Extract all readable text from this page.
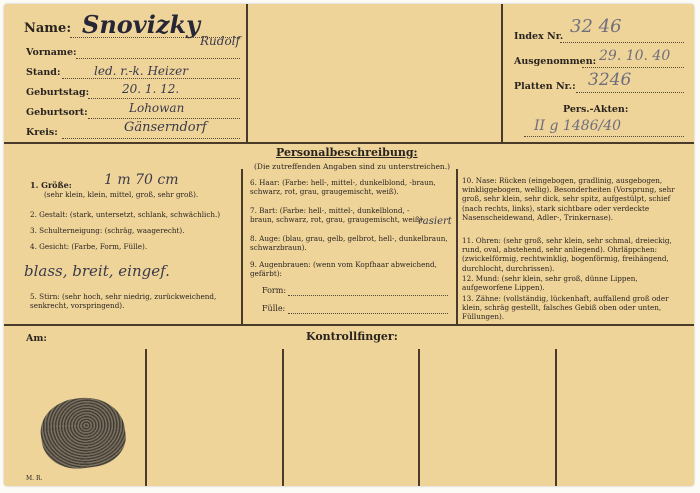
Name: Snovizky
Vorname:
Rudolf
Stand:	led. r.-k. Heizer
Geburtstag:	20. 1. 12.
Geburtsort:	Lohowan
Kreis:	Gänserndorf
Index Nr. 32 46
Ausgenommen: 29. 10. 40
Platten Nr.: 3246
Pers.-Akten:
II g 1486/40
Personalbeschreibung:
(Die zutreffenden Angaben sind zu unterstreichen.)
1. Größe: 1 m 70 cm
(sehr klein, klein, mittel, groß, sehr groß).
2. Gestalt: (stark, untersetzt, schlank, schwächlich.)
3. Schulterneigung: (schräg, waagerecht).
4. Gesicht: (Farbe, Form, Fülle).
blass, breit, eingef.
5. Stirn: (sehr hoch, sehr niedrig, zurückweichend, senkrecht, vorspringend).
6. Haar: (Farbe: hell-, mittel-, dunkelblond, -braun, schwarz, rot, grau, graugemischt, weiß).
7. Bart: (Farbe: hell-, mittel-, dunkelblond, -braun, schwarz, rot, grau, graugemischt, weiß).
rasiert
8. Auge: (blau, grau, gelb, gelbrot, hell-, dunkelbraun, schwarzbraun).
9. Augenbrauen: (wenn vom Kopfhaar abweichend, gefärbt):
Form:
Fülle:
10. Nase: Rücken (eingebogen, gradlinig, ausgebogen, winkliggebogen, wellig). Besonderheiten (Vorsprung, sehr groß, sehr klein, sehr dick, sehr spitz, aufgestülpt, schief (nach rechts, links), stark sichtbare oder verdeckte Nasenscheidewand, Adler-, Trinkernase).
11. Ohren: (sehr groß, sehr klein, sehr schmal, dreieckig, rund, oval, abstehend, sehr anliegend). Ohrläppchen: (zwickelförmig, rechtwinklig, bogenförmig, freihängend, durchlocht, durchrissen).
12. Mund: (sehr klein, sehr groß, dünne Lippen, aufgeworfene Lippen).
13. Zähne: (vollständig, lückenhaft, auffallend groß oder klein, schräg gestellt, falsches Gebiß oben oder unten, Füllungen).
Am:	Kontrollfinger:
M. R.
